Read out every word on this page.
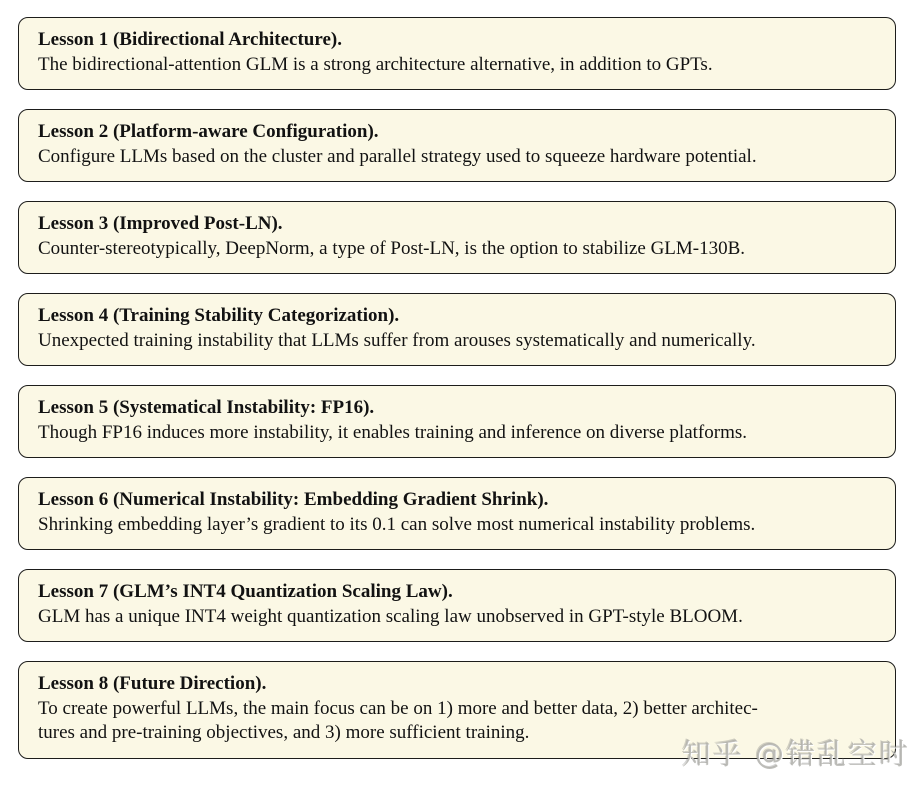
Lesson 1 (Bidirectional Architecture).
The bidirectional-attention GLM is a strong architecture alternative, in addition to GPTs.
Lesson 2 (Platform-aware Configuration).
Configure LLMs based on the cluster and parallel strategy used to squeeze hardware potential.
Lesson 3 (Improved Post-LN).
Counter-stereotypically, DeepNorm, a type of Post-LN, is the option to stabilize GLM-130B.
Lesson 4 (Training Stability Categorization).
Unexpected training instability that LLMs suffer from arouses systematically and numerically.
Lesson 5 (Systematical Instability: FP16).
Though FP16 induces more instability, it enables training and inference on diverse platforms.
Lesson 6 (Numerical Instability: Embedding Gradient Shrink).
Shrinking embedding layer’s gradient to its 0.1 can solve most numerical instability problems.
Lesson 7 (GLM’s INT4 Quantization Scaling Law).
GLM has a unique INT4 weight quantization scaling law unobserved in GPT-style BLOOM.
Lesson 8 (Future Direction).
To create powerful LLMs, the main focus can be on 1) more and better data, 2) better architec-
tures and pre-training objectives, and 3) more sufficient training.
知乎 @错乱空时
